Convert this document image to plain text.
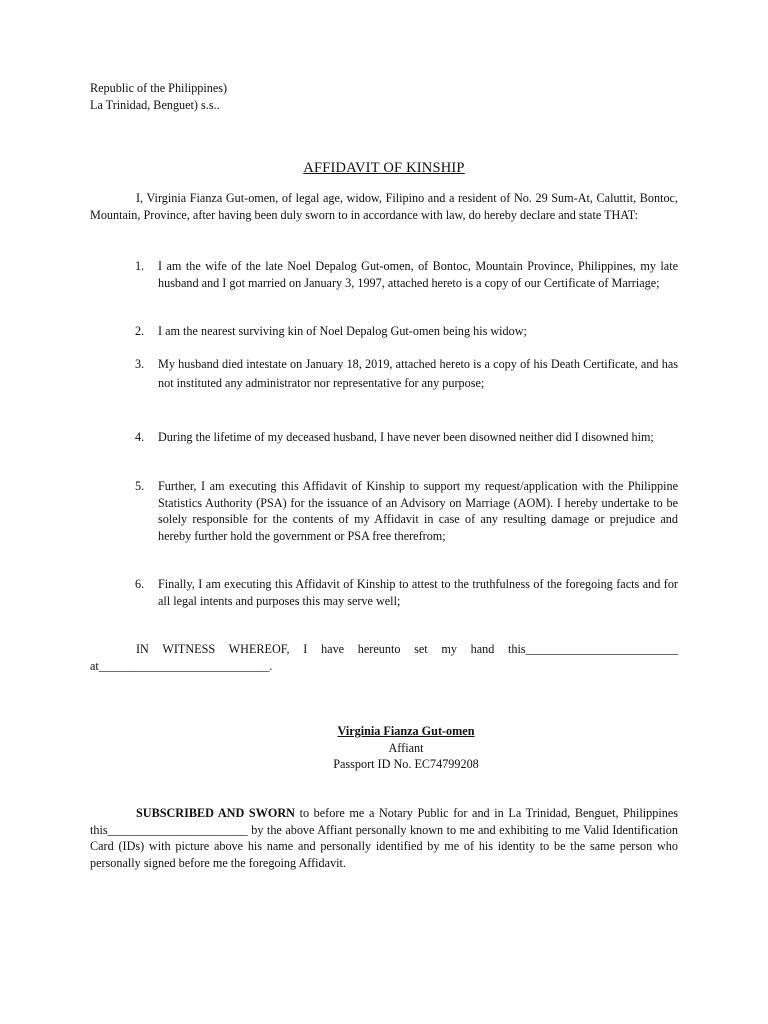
Republic of the Philippines)
La Trinidad, Benguet) s.s..
AFFIDAVIT OF KINSHIP
I, Virginia Fianza Gut-omen, of legal age, widow, Filipino and a resident of No. 29 Sum-At, Caluttit, Bontoc, Mountain, Province, after having been duly sworn to in accordance with law, do hereby declare and state THAT:
1.	I am the wife of the late Noel Depalog Gut-omen, of Bontoc, Mountain Province, Philippines, my late husband and I got married on January 3, 1997, attached hereto is a copy of our Certificate of Marriage;
2.	I am the nearest surviving kin of Noel Depalog Gut-omen being his widow;
3.	My husband died intestate on January 18, 2019, attached hereto is a copy of his Death Certificate, and has not instituted any administrator nor representative for any purpose;
4.	During the lifetime of my deceased husband, I have never been disowned neither did I disowned him;
5.	Further, I am executing this Affidavit of Kinship to support my request/application with the Philippine Statistics Authority (PSA) for the issuance of an Advisory on Marriage (AOM). I hereby undertake to be solely responsible for the contents of my Affidavit in case of any resulting damage or prejudice and hereby further hold the government or PSA free therefrom;
6.	Finally, I am executing this Affidavit of Kinship to attest to the truthfulness of the foregoing facts and for all legal intents and purposes this may serve well;
IN WITNESS WHEREOF, I have hereunto set my hand this_________________________ at____________________________.
Virginia Fianza Gut-omen
Affiant
Passport ID No. EC74799208
SUBSCRIBED AND SWORN to before me a Notary Public for and in La Trinidad, Benguet, Philippines this_______________________ by the above Affiant personally known to me and exhibiting to me Valid Identification Card (IDs) with picture above his name and personally identified by me of his identity to be the same person who personally signed before me the foregoing Affidavit.
